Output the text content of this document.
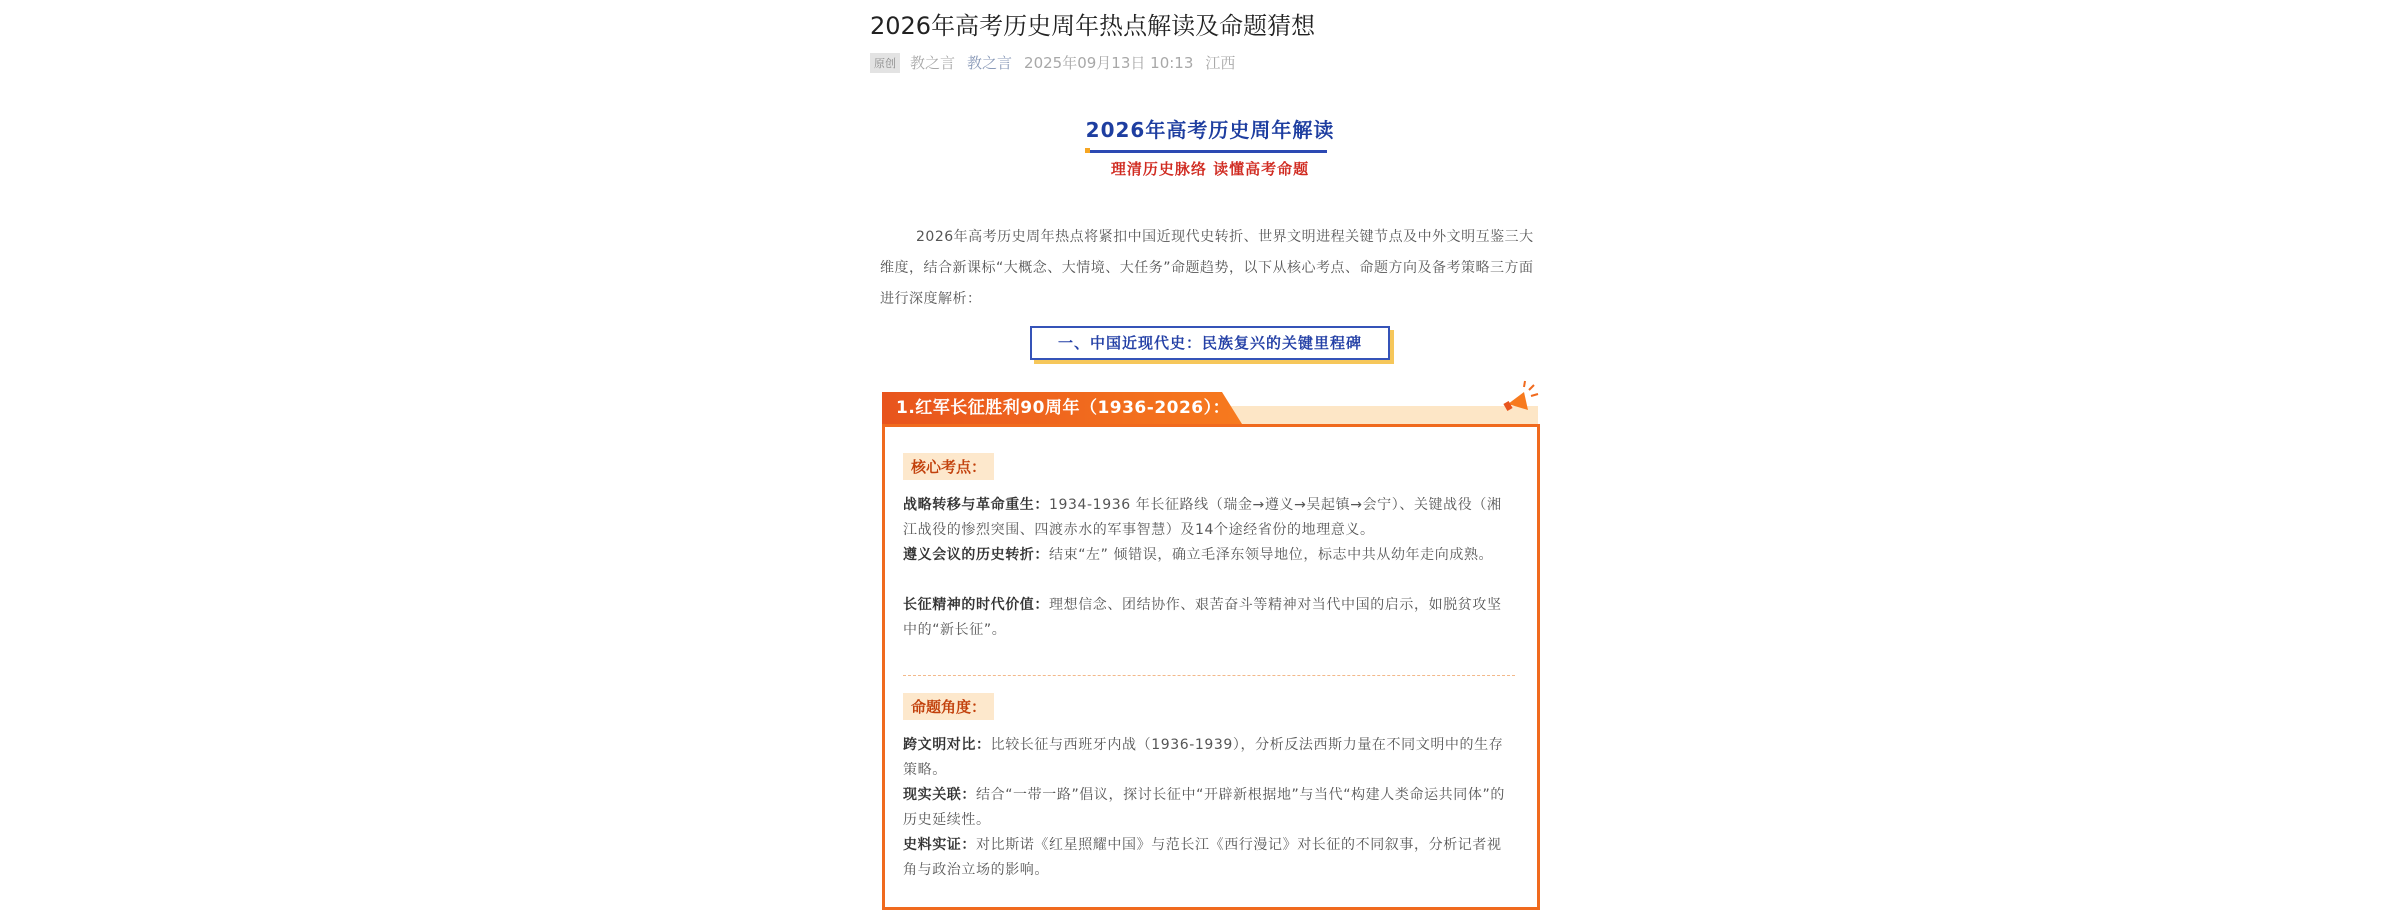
2026年高考历史周年热点解读及命题猜想
原创 教之言 教之言 2025年09月13日 10:13 江西
2026年高考历史周年解读
理清历史脉络 读懂高考命题
2026年高考历史周年热点将紧扣中国近现代史转折、世界文明进程关键节点及中外文明互鉴三大维度，结合新课标“大概念、大情境、大任务”命题趋势，以下从核心考点、命题方向及备考策略三方面进行深度解析：
一、中国近现代史：民族复兴的关键里程碑
1.红军长征胜利90周年（1936-2026）：
核心考点：
战略转移与革命重生：1934-1936 年长征路线（瑞金→遵义→吴起镇→会宁）、关键战役（湘江战役的惨烈突围、四渡赤水的军事智慧）及14个途经省份的地理意义。
遵义会议的历史转折：结束“左” 倾错误，确立毛泽东领导地位，标志中共从幼年走向成熟。
长征精神的时代价值：理想信念、团结协作、艰苦奋斗等精神对当代中国的启示，如脱贫攻坚中的“新长征”。
命题角度：
跨文明对比：比较长征与西班牙内战（1936-1939），分析反法西斯力量在不同文明中的生存策略。
现实关联：结合“一带一路”倡议，探讨长征中“开辟新根据地”与当代“构建人类命运共同体”的历史延续性。
史料实证：对比斯诺《红星照耀中国》与范长江《西行漫记》对长征的不同叙事，分析记者视角与政治立场的影响。
